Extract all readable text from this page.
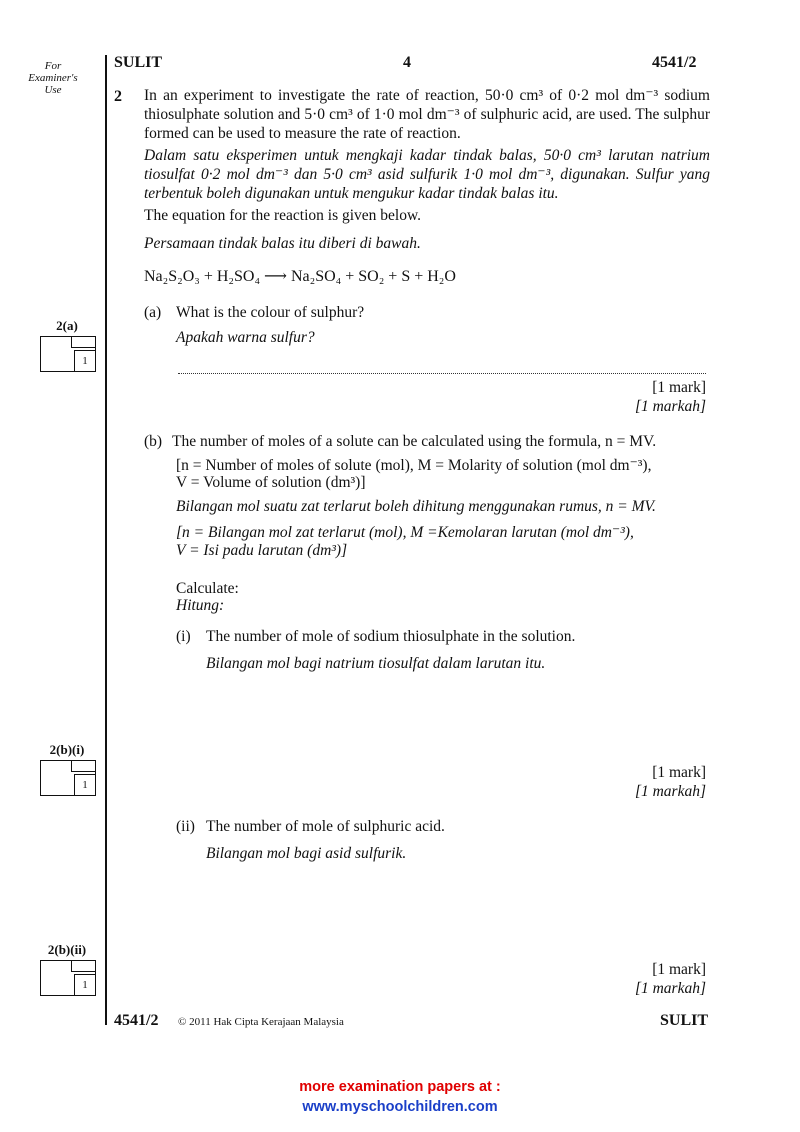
For
Examiner's
Use
SULIT	4	4541/2
2 In an experiment to investigate the rate of reaction, 50·0 cm³ of 0·2 mol dm⁻³ sodium thiosulphate solution and 5·0 cm³ of 1·0 mol dm⁻³ of sulphuric acid, are used. The sulphur formed can be used to measure the rate of reaction.
Dalam satu eksperimen untuk mengkaji kadar tindak balas, 50·0 cm³ larutan natrium tiosulfat 0·2 mol dm⁻³ dan 5·0 cm³ asid sulfurik 1·0 mol dm⁻³, digunakan. Sulfur yang terbentuk boleh digunakan untuk mengukur kadar tindak balas itu.
The equation for the reaction is given below.
Persamaan tindak balas itu diberi di bawah.
Na₂S₂O₃ + H₂SO₄ ⟶ Na₂SO₄ + SO₂ + S + H₂O
(a) What is the colour of sulphur?
Apakah warna sulfur?
[1 mark]
[1 markah]
(b) The number of moles of a solute can be calculated using the formula, n = MV.
[n = Number of moles of solute (mol), M = Molarity of solution (mol dm⁻³),
V = Volume of solution (dm³)]
Bilangan mol suatu zat terlarut boleh dihitung menggunakan rumus, n = MV.
[n = Bilangan mol zat terlarut (mol), M =Kemolaran larutan (mol dm⁻³),
V = Isi padu larutan (dm³)]
Calculate:
Hitung:
(i) The number of mole of sodium thiosulphate in the solution.
Bilangan mol bagi natrium tiosulfat dalam larutan itu.
[1 mark]
[1 markah]
(ii) The number of mole of sulphuric acid.
Bilangan mol bagi asid sulfurik.
[1 mark]
[1 markah]
2(a)
1
2(b)(i)
1
2(b)(ii)
1
4541/2 © 2011 Hak Cipta Kerajaan Malaysia	SULIT
more examination papers at :
www.myschoolchildren.com
